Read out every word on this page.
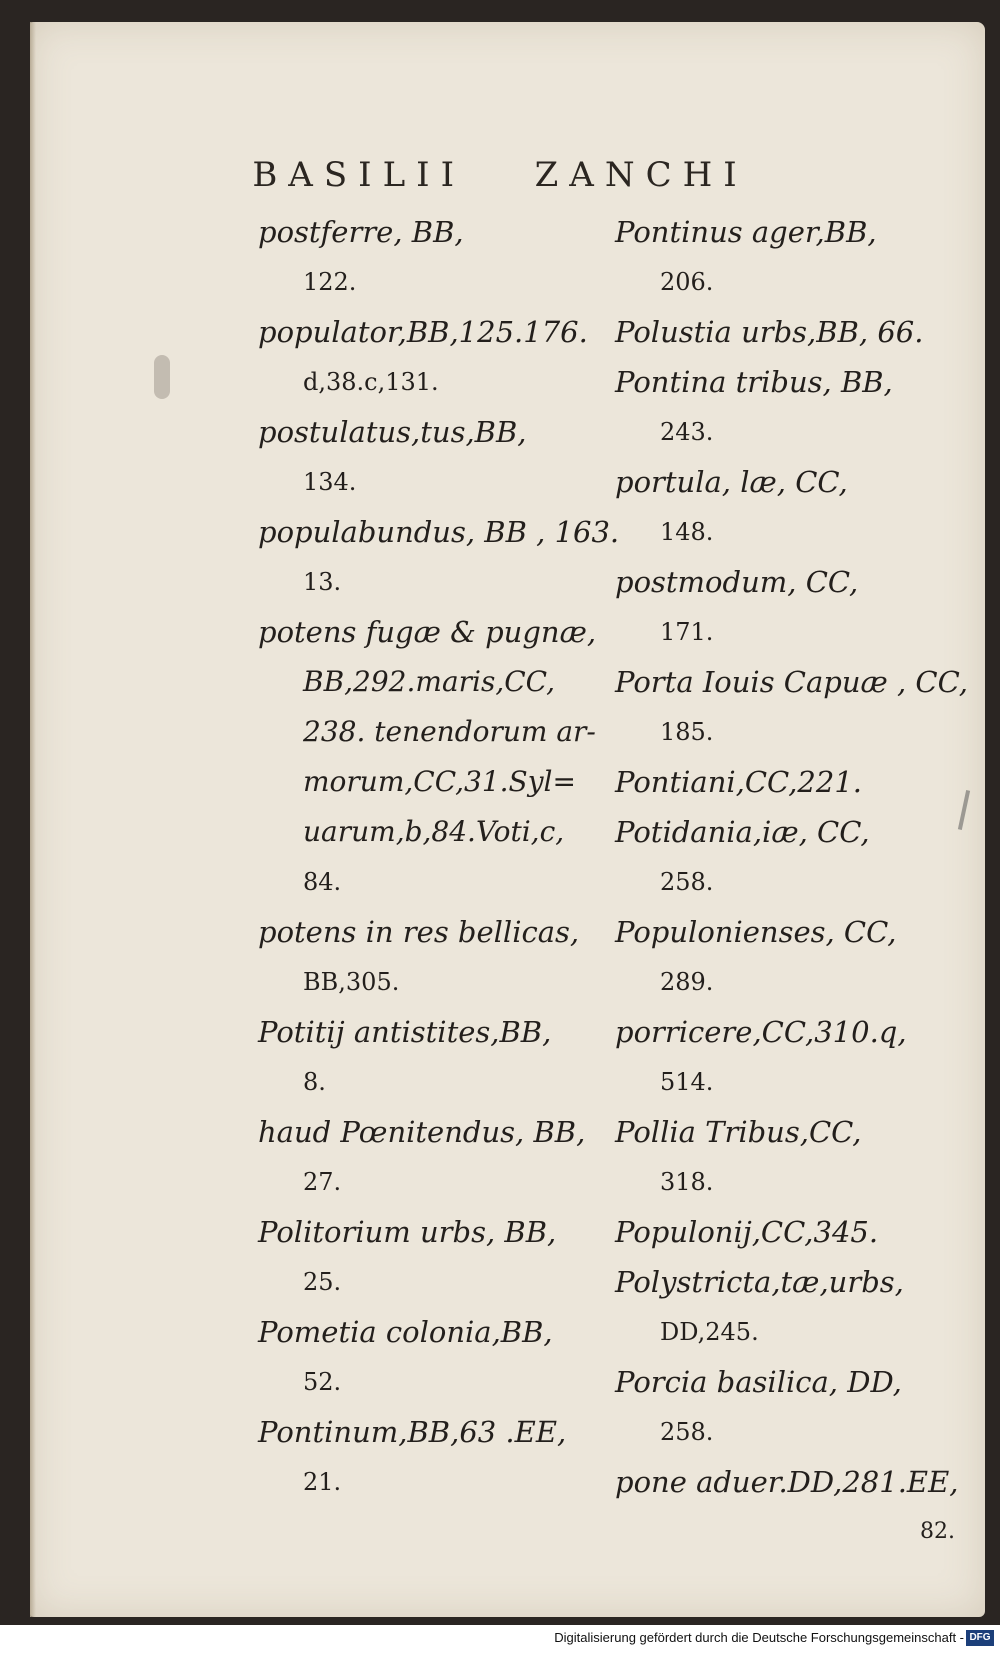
BASILII ZANCHI
postferre, BB,
122.
populator,BB,125.176.
d,38.c,131.
postulatus,tus,BB,
134.
populabundus, BB , 163.
13.
potens fugæ & pugnæ,
BB,292.maris,CC,
238. tenendorum ar-
morum,CC,31.Syl=
uarum,b,84.Voti,c,
84.
potens in res bellicas,
BB,305.
Potitij antistites,BB,
8.
haud Pœnitendus, BB,
27.
Politorium urbs, BB,
25.
Pometia colonia,BB,
52.
Pontinum,BB,63 .EE,
21.
Pontinus ager,BB,
206.
Polustia urbs,BB, 66.
Pontina tribus, BB,
243.
portula, læ, CC,
148.
postmodum, CC,
171.
Porta Iouis Capuæ , CC,
185.
Pontiani,CC,221.
Potidania,iæ, CC,
258.
Populonienses, CC,
289.
porricere,CC,310.q,
514.
Pollia Tribus,CC,
318.
Populonij,CC,345.
Polystricta,tæ,urbs,
DD,245.
Porcia basilica, DD,
258.
pone aduer.DD,281.EE,
82.
Digitalisierung gefördert durch die Deutsche Forschungsgemeinschaft - DFG
